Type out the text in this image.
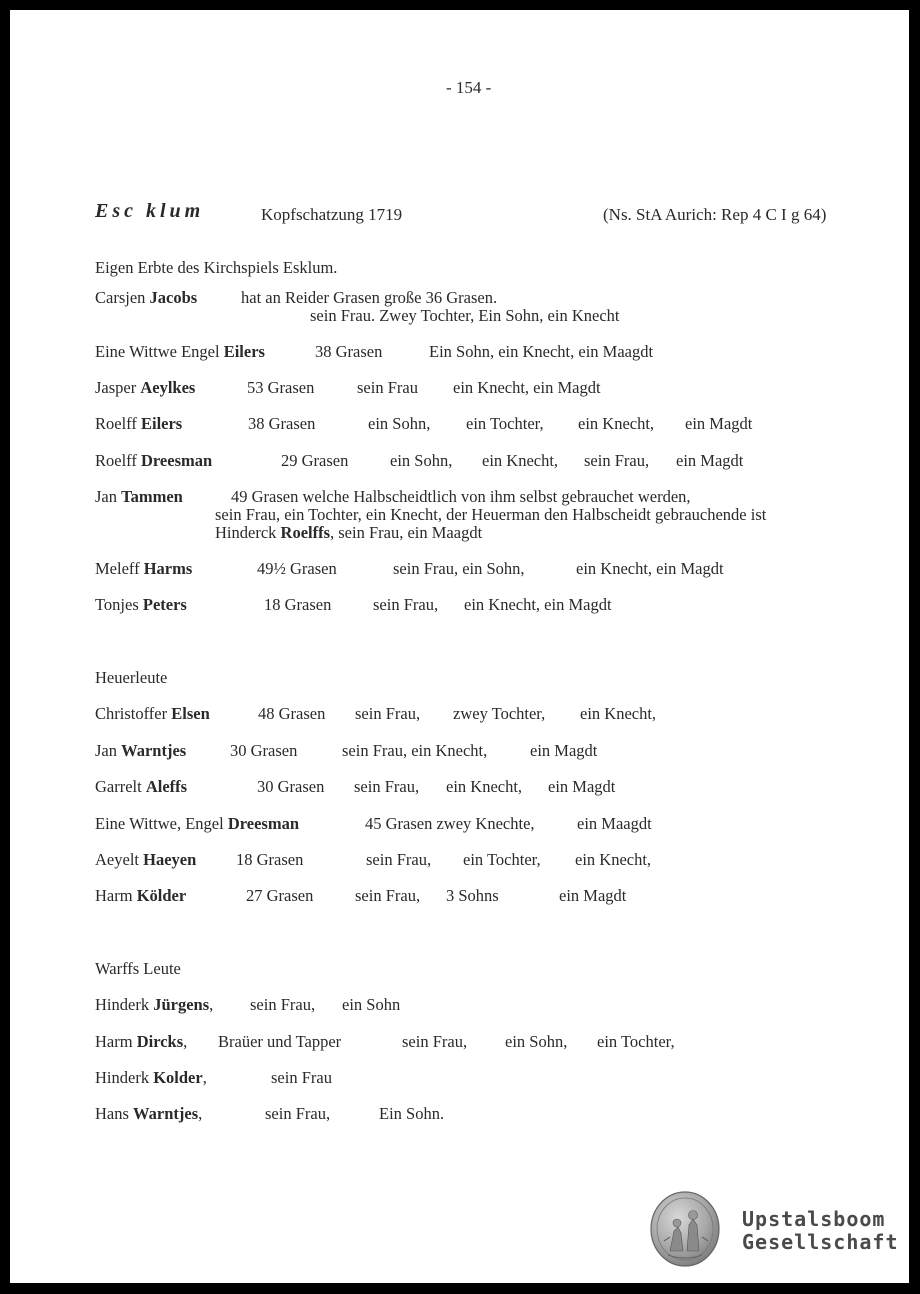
- 154 -
Esc klum	Kopfschatzung 1719	(Ns. StA Aurich: Rep 4 C I g 64)
Eigen Erbte des Kirchspiels Esklum.
Carsjen Jacobs	hat an Reider Grasen große 36 Grasen.
sein Frau. Zwey Tochter, Ein Sohn, ein Knecht
Eine Wittwe Engel Eilers	38 Grasen	Ein Sohn, ein Knecht, ein Maagdt
Jasper Aeylkes	53 Grasen	sein Frau ein Knecht, ein Magdt
Roelff Eilers	38 Grasen	ein Sohn, ein Tochter, ein Knecht, ein Magdt
Roelff Dreesman	29 Grasen	ein Sohn, ein Knecht, sein Frau, ein Magdt
Jan Tammen	49 Grasen welche Halbscheidtlich von ihm selbst gebrauchet werden,
sein Frau, ein Tochter, ein Knecht, der Heuerman den Halbscheidt gebrauchende ist
Hinderck Roelffs, sein Frau, ein Maagdt
Meleff Harms	49½ Grasen	sein Frau, ein Sohn,	ein Knecht, ein Magdt
Tonjes Peters	18 Grasen	sein Frau, ein Knecht, ein Magdt
Heuerleute
Christoffer Elsen	48 Grasen sein Frau, zwey Tochter, ein Knecht,
Jan Warntjes	30 Grasen	sein Frau, ein Knecht,	ein Magdt
Garrelt Aleffs	30 Grasen sein Frau, ein Knecht, ein Magdt
Eine Wittwe, Engel Dreesman	45 Grasen zwey Knechte,	ein Maagdt
Aeyelt Haeyen 18 Grasen	sein Frau, ein Tochter, ein Knecht,
Harm Kölder	27 Grasen	sein Frau, 3 Sohns	ein Magdt
Warffs Leute
Hinderk Jürgens, sein Frau, ein Sohn
Harm Dircks, Braüer und Tapper	sein Frau, ein Sohn, ein Tochter,
Hinderk Kolder,	sein Frau
Hans Warntjes,	sein Frau,	Ein Sohn.
Upstalsboom
Gesellschaft
